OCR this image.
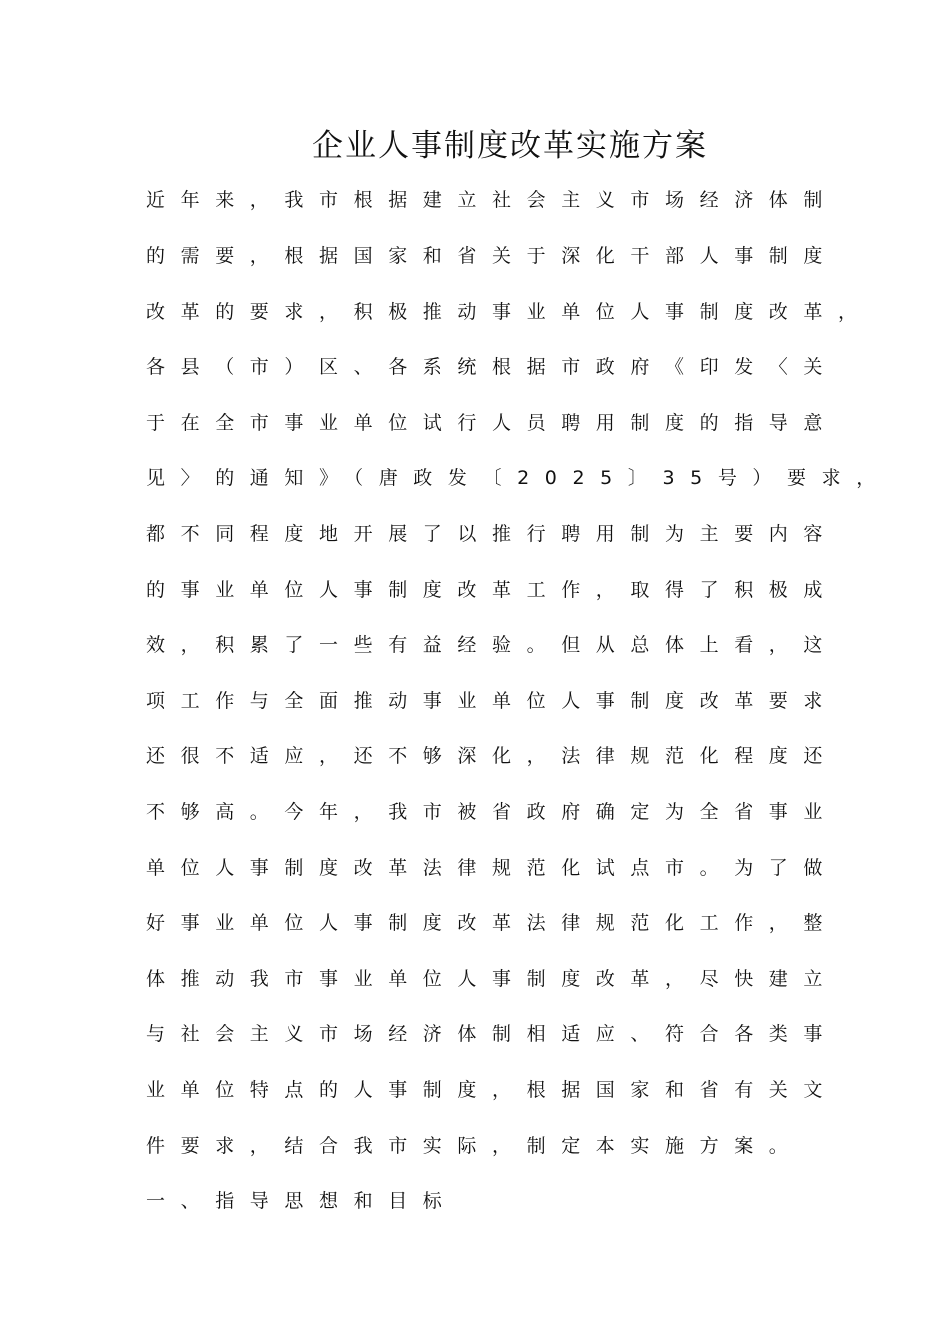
企业人事制度改革实施方案

近年来，我市根据建立社会主义市场经济体制

的需要，根据国家和省关于深化干部人事制度

改革的要求，积极推动事业单位人事制度改革，

各县（市）区、各系统根据市政府《印发〈关

于在全市事业单位试行人员聘用制度的指导意

见〉的通知》（唐政发〔2025〕35号）要求，

都不同程度地开展了以推行聘用制为主要内容

的事业单位人事制度改革工作，取得了积极成

效，积累了一些有益经验。但从总体上看，这

项工作与全面推动事业单位人事制度改革要求

还很不适应，还不够深化，法律规范化程度还

不够高。今年，我市被省政府确定为全省事业

单位人事制度改革法律规范化试点市。为了做

好事业单位人事制度改革法律规范化工作，整

体推动我市事业单位人事制度改革，尽快建立

与社会主义市场经济体制相适应、符合各类事

业单位特点的人事制度，根据国家和省有关文

件要求，结合我市实际，制定本实施方案。

一、指导思想和目标
